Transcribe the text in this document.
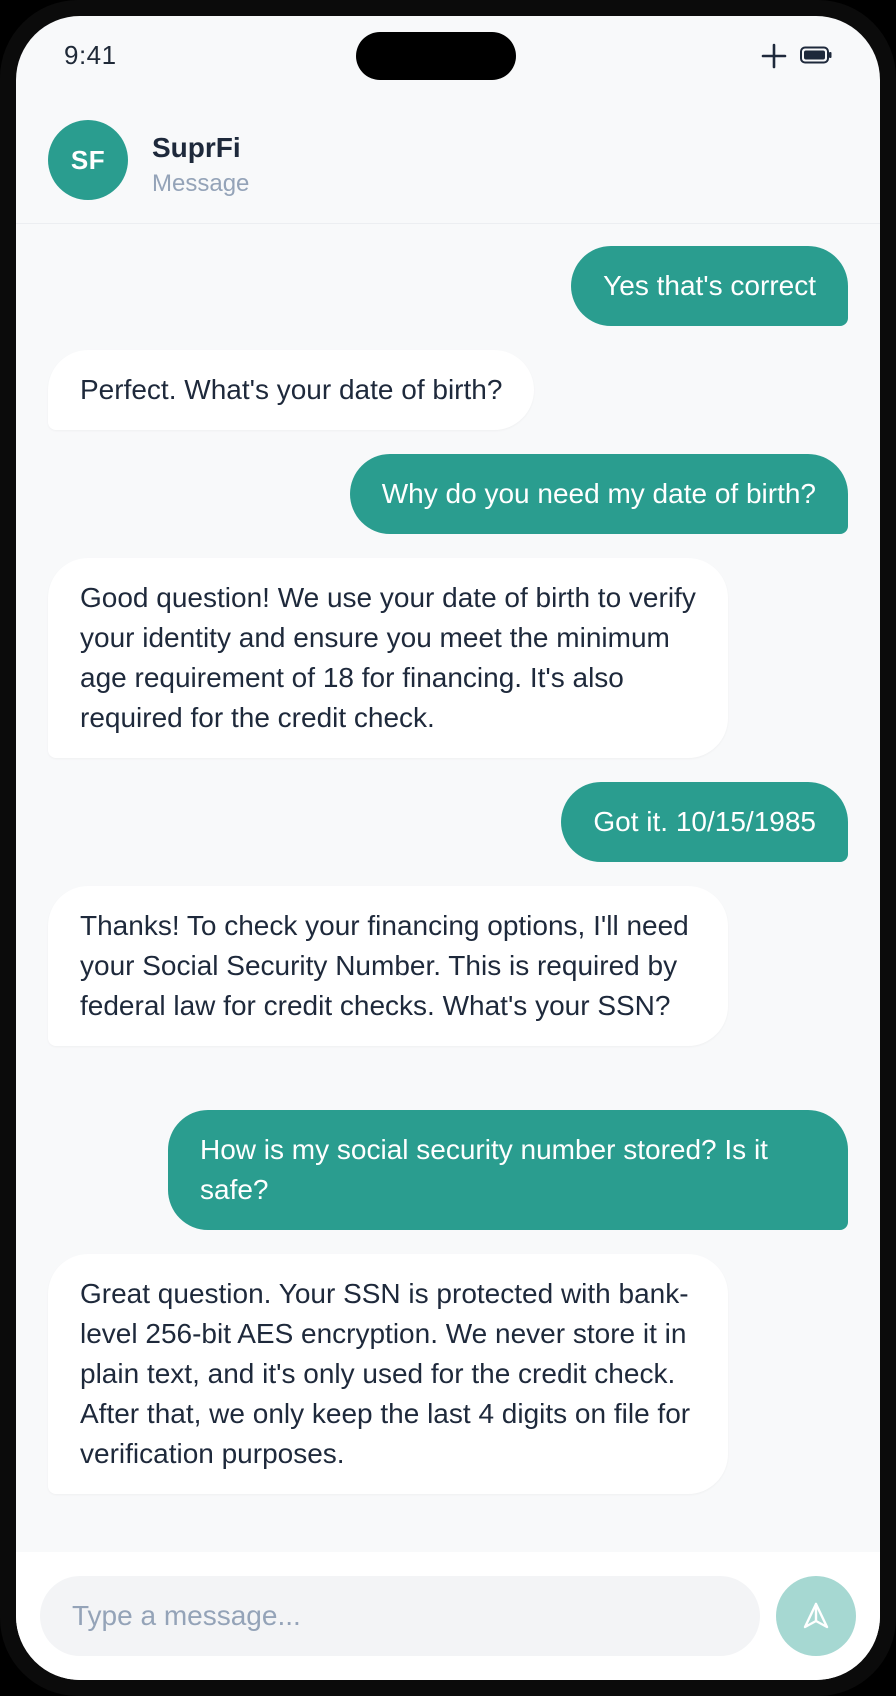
9:41
SF	SuprFi
Message
Yes that's correct
Perfect. What's your date of birth?
Why do you need my date of birth?
Good question! We use your date of birth to verify your identity and ensure you meet the minimum age requirement of 18 for financing. It's also required for the credit check.
Got it. 10/15/1985
Thanks! To check your financing options, I'll need your Social Security Number. This is required by federal law for credit checks. What's your SSN?
How is my social security number stored? Is it safe?
Great question. Your SSN is protected with bank-level 256-bit AES encryption. We never store it in plain text, and it's only used for the credit check. After that, we only keep the last 4 digits on file for verification purposes.
Type a message...
